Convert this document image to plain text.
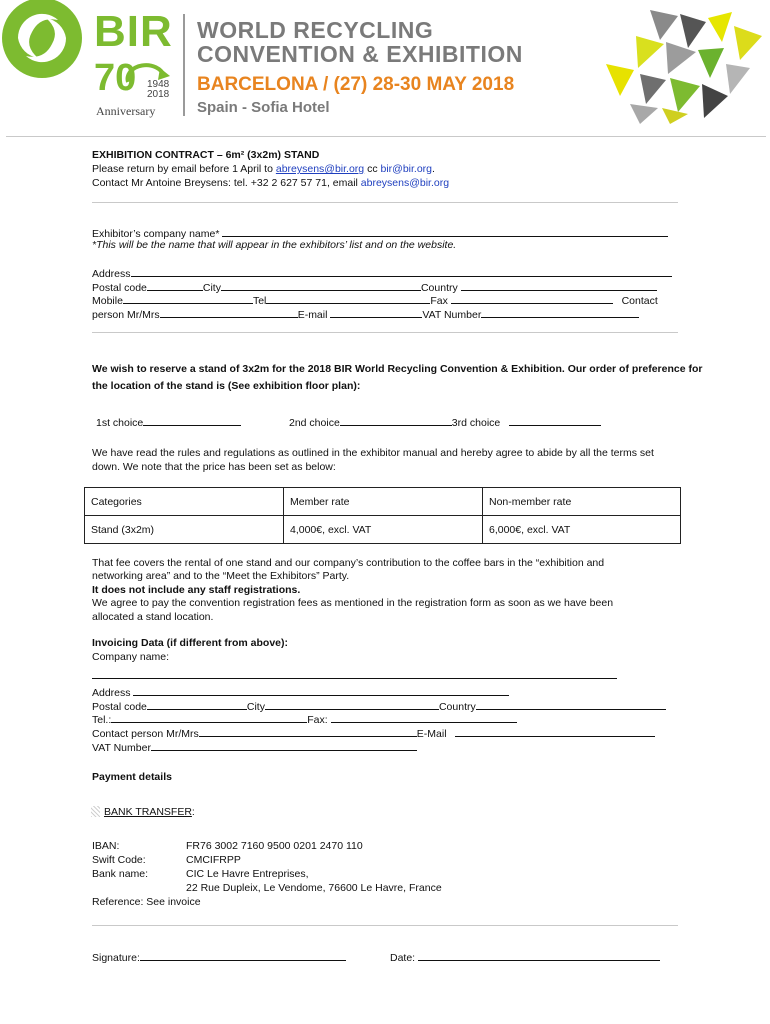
BIR
70 1948
2018
Anniversary
WORLD RECYCLING
CONVENTION & EXHIBITION
BARCELONA / (27) 28-30 MAY 2018
Spain - Sofia Hotel
EXHIBITION CONTRACT – 6m² (3x2m) STAND
Please return by email before 1 April to abreysens@bir.org cc bir@bir.org.
Contact Mr Antoine Breysens: tel. +32 2 627 57 71, email abreysens@bir.org
Exhibitor’s company name*
*This will be the name that will appear in the exhibitors’ list and on the website.
Address
Postal code	City	Country
Mobile	Tel	Fax	Contact
person Mr/Mrs	E-mail	VAT Number
We wish to reserve a stand of 3x2m for the 2018 BIR World Recycling Convention & Exhibition. Our order of preference for
the location of the stand is (See exhibition floor plan):
1st choice	2nd choice	3rd choice
We have read the rules and regulations as outlined in the exhibitor manual and hereby agree to abide by all the terms set
down. We note that the price has been set as below:
Categories	Member rate	Non-member rate
Stand (3x2m)	4,000€, excl. VAT	6,000€, excl. VAT
That fee covers the rental of one stand and our company’s contribution to the coffee bars in the “exhibition and
networking area” and to the “Meet the Exhibitors” Party.
It does not include any staff registrations.
We agree to pay the convention registration fees as mentioned in the registration form as soon as we have been
allocated a stand location.
Invoicing Data (if different from above):
Company name:
Address
Postal code	City	Country
Tel.:	Fax:
Contact person Mr/Mrs	E-Mail
VAT Number
Payment details
BANK TRANSFER:
IBAN:	FR76 3002 7160 9500 0201 2470 110
Swift Code:	CMCIFRPP
Bank name:	CIC Le Havre Entreprises,
22 Rue Dupleix, Le Vendome, 76600 Le Havre, France
Reference: See invoice
Signature:	Date:
